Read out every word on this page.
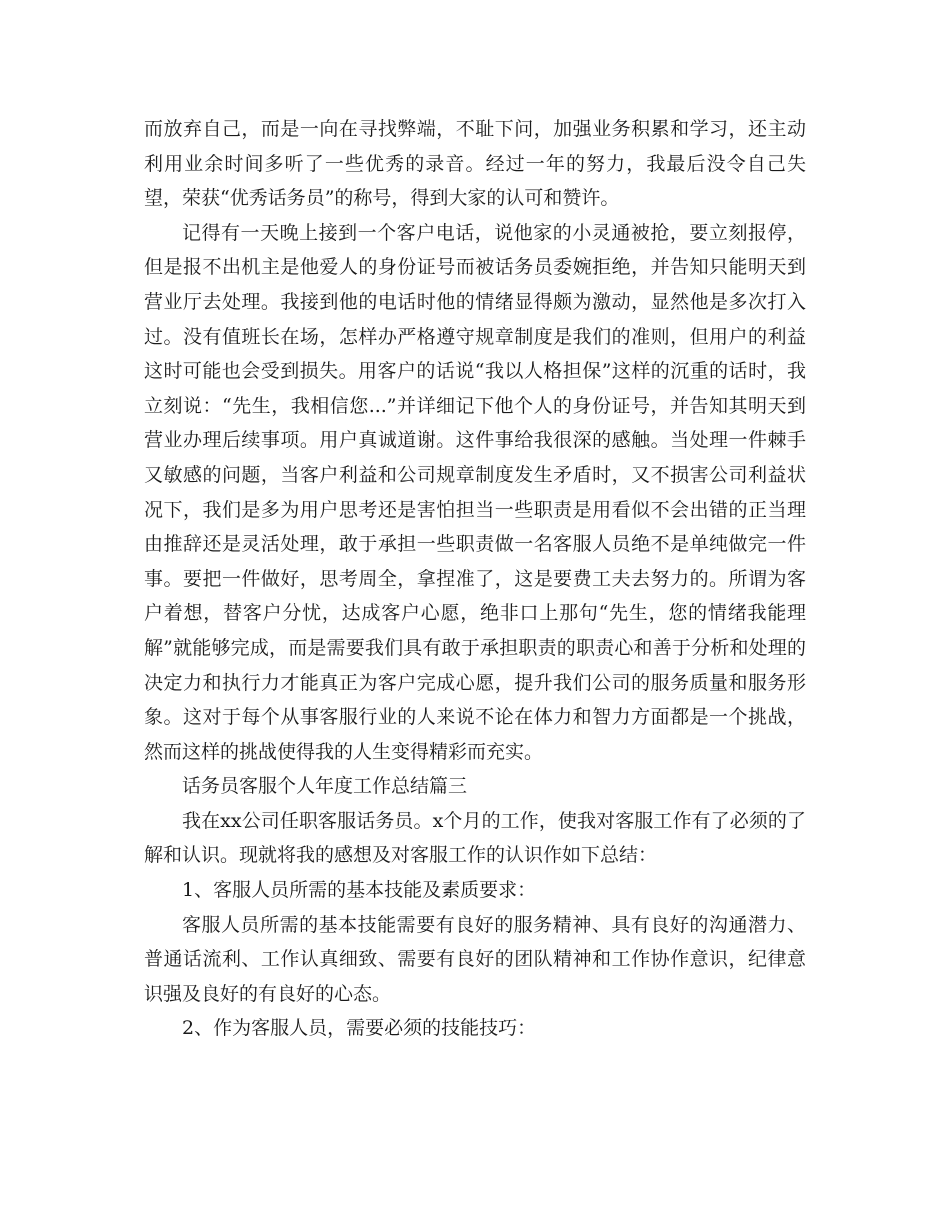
而放弃自己，而是一向在寻找弊端，不耻下问，加强业务积累和学习，还主动利用业余时间多听了一些优秀的录音。经过一年的努力，我最后没令自己失望，荣获“优秀话务员”的称号，得到大家的认可和赞许。

记得有一天晚上接到一个客户电话，说他家的小灵通被抢，要立刻报停，但是报不出机主是他爱人的身份证号而被话务员委婉拒绝，并告知只能明天到营业厅去处理。我接到他的电话时他的情绪显得颇为激动，显然他是多次打入过。没有值班长在场，怎样办严格遵守规章制度是我们的准则，但用户的利益这时可能也会受到损失。用客户的话说“我以人格担保”这样的沉重的话时，我立刻说：“先生，我相信您...”并详细记下他个人的身份证号，并告知其明天到营业办理后续事项。用户真诚道谢。这件事给我很深的感触。当处理一件棘手又敏感的问题，当客户利益和公司规章制度发生矛盾时，又不损害公司利益状况下，我们是多为用户思考还是害怕担当一些职责是用看似不会出错的正当理由推辞还是灵活处理，敢于承担一些职责做一名客服人员绝不是单纯做完一件事。要把一件做好，思考周全，拿捏准了，这是要费工夫去努力的。所谓为客户着想，替客户分忧，达成客户心愿，绝非口上那句“先生，您的情绪我能理解”就能够完成，而是需要我们具有敢于承担职责的职责心和善于分析和处理的决定力和执行力才能真正为客户完成心愿，提升我们公司的服务质量和服务形象。这对于每个从事客服行业的人来说不论在体力和智力方面都是一个挑战，然而这样的挑战使得我的人生变得精彩而充实。

话务员客服个人年度工作总结篇三

我在xx公司任职客服话务员。x个月的工作，使我对客服工作有了必须的了解和认识。现就将我的感想及对客服工作的认识作如下总结：

1、客服人员所需的基本技能及素质要求：

客服人员所需的基本技能需要有良好的服务精神、具有良好的沟通潜力、普通话流利、工作认真细致、需要有良好的团队精神和工作协作意识，纪律意识强及良好的有良好的心态。

2、作为客服人员，需要必须的技能技巧：
